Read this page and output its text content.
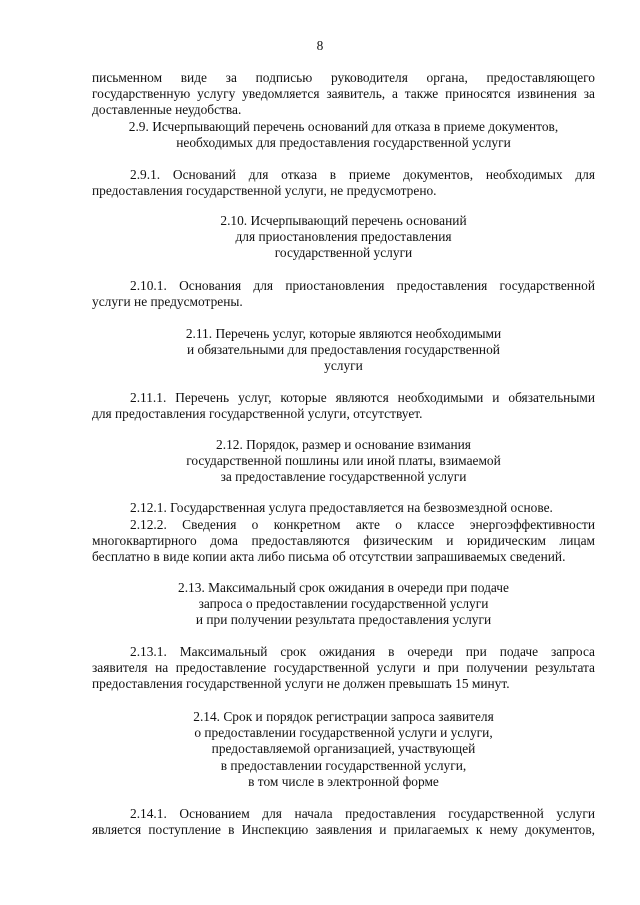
8
письменном виде за подписью руководителя органа, предоставляющего
государственную услугу уведомляется заявитель, а также приносятся извинения за
доставленные неудобства.
2.9. Исчерпывающий перечень оснований для отказа в приеме документов,
необходимых для предоставления государственной услуги
2.9.1. Оснований для отказа в приеме документов, необходимых для
предоставления государственной услуги, не предусмотрено.
2.10. Исчерпывающий перечень оснований
для приостановления предоставления
государственной услуги
2.10.1. Основания для приостановления предоставления государственной
услуги не предусмотрены.
2.11. Перечень услуг, которые являются необходимыми
и обязательными для предоставления государственной
услуги
2.11.1. Перечень услуг, которые являются необходимыми и обязательными
для предоставления государственной услуги, отсутствует.
2.12. Порядок, размер и основание взимания
государственной пошлины или иной платы, взимаемой
за предоставление государственной услуги
2.12.1. Государственная услуга предоставляется на безвозмездной основе.
2.12.2. Сведения о конкретном акте о классе энергоэффективности
многоквартирного дома предоставляются физическим и юридическим лицам
бесплатно в виде копии акта либо письма об отсутствии запрашиваемых сведений.
2.13. Максимальный срок ожидания в очереди при подаче
запроса о предоставлении государственной услуги
и при получении результата предоставления услуги
2.13.1. Максимальный срок ожидания в очереди при подаче запроса
заявителя на предоставление государственной услуги и при получении результата
предоставления государственной услуги не должен превышать 15 минут.
2.14. Срок и порядок регистрации запроса заявителя
о предоставлении государственной услуги и услуги,
предоставляемой организацией, участвующей
в предоставлении государственной услуги,
в том числе в электронной форме
2.14.1. Основанием для начала предоставления государственной услуги
является поступление в Инспекцию заявления и прилагаемых к нему документов,
